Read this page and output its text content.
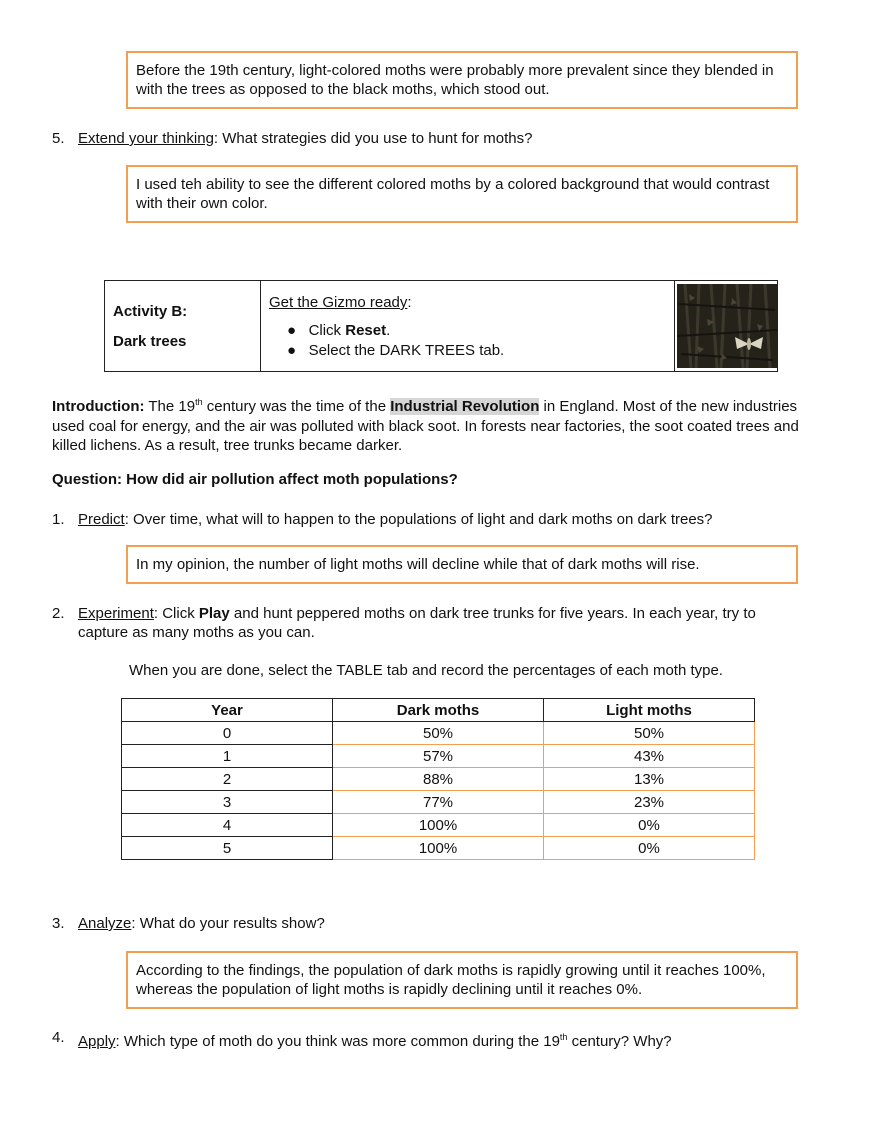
Before the 19th century, light-colored moths were probably more prevalent since they blended in with the trees as opposed to the black moths, which stood out.
5. Extend your thinking: What strategies did you use to hunt for moths?
I used teh ability to see the different colored moths by a colored background that would contrast with their own color.
Activity B:
Dark trees
Get the Gizmo ready:
●   Click Reset.
●   Select the DARK TREES tab.
Introduction: The 19th century was the time of the Industrial Revolution in England. Most of the new industries used coal for energy, and the air was polluted with black soot. In forests near factories, the soot coated trees and killed lichens. As a result, tree trunks became darker.
Question: How did air pollution affect moth populations?
1. Predict: Over time, what will to happen to the populations of light and dark moths on dark trees?
In my opinion, the number of light moths will decline while that of dark moths will rise.
2. Experiment: Click Play and hunt peppered moths on dark tree trunks for five years. In each year, try to capture as many moths as you can.
When you are done, select the TABLE tab and record the percentages of each moth type.
Year	Dark moths	Light moths
0	50%	50%
1	57%	43%
2	88%	13%
3	77%	23%
4	100%	0%
5	100%	0%
3. Analyze: What do your results show?
According to the findings, the population of dark moths is rapidly growing until it reaches 100%, whereas the population of light moths is rapidly declining until it reaches 0%.
4. Apply: Which type of moth do you think was more common during the 19th century? Why?
